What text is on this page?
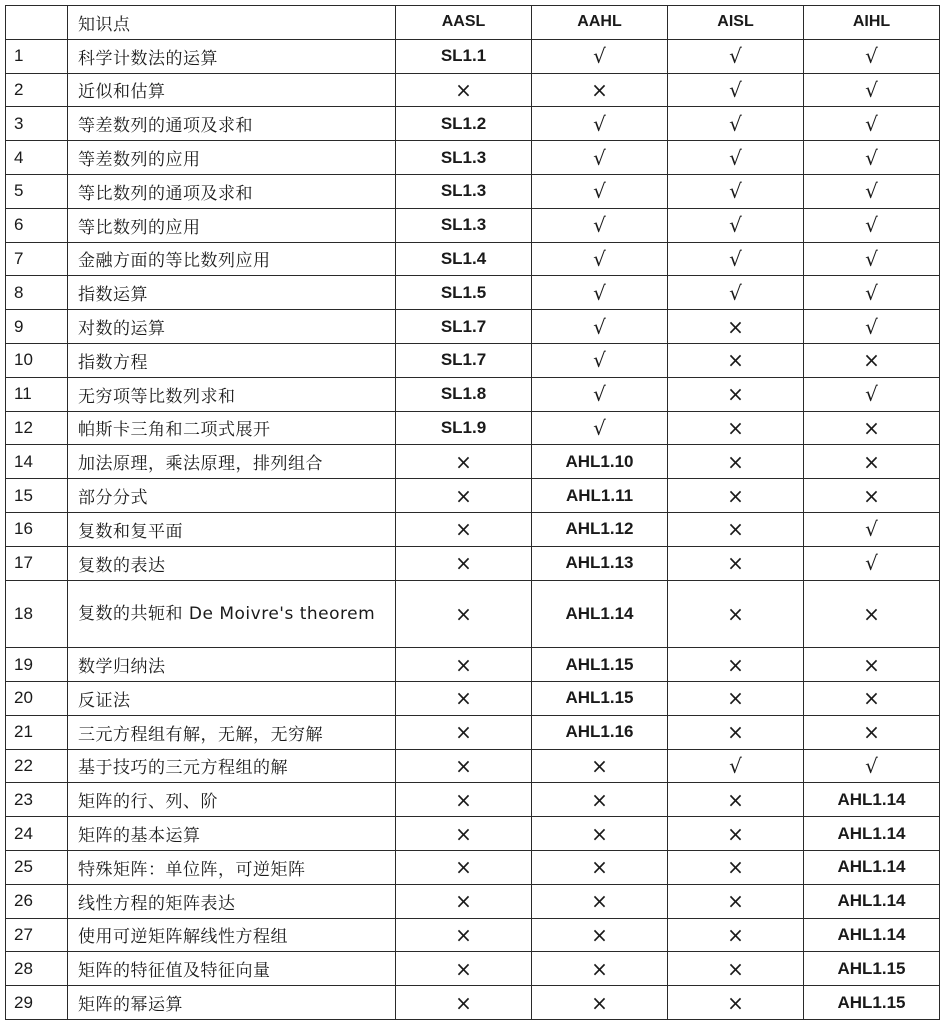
	知识点	AASL	AAHL	AISL	AIHL
1	科学计数法的运算	SL1.1	√	√	√
2	近似和估算	×	×	√	√
3	等差数列的通项及求和	SL1.2	√	√	√
4	等差数列的应用	SL1.3	√	√	√
5	等比数列的通项及求和	SL1.3	√	√	√
6	等比数列的应用	SL1.3	√	√	√
7	金融方面的等比数列应用	SL1.4	√	√	√
8	指数运算	SL1.5	√	√	√
9	对数的运算	SL1.7	√	×	√
10	指数方程	SL1.7	√	×	×
11	无穷项等比数列求和	SL1.8	√	×	√
12	帕斯卡三角和二项式展开	SL1.9	√	×	×
14	加法原理，乘法原理，排列组合	×	AHL1.10	×	×
15	部分分式	×	AHL1.11	×	×
16	复数和复平面	×	AHL1.12	×	√
17	复数的表达	×	AHL1.13	×	√
18	复数的共轭和 De Moivre's theorem	×	AHL1.14	×	×
19	数学归纳法	×	AHL1.15	×	×
20	反证法	×	AHL1.15	×	×
21	三元方程组有解，无解，无穷解	×	AHL1.16	×	×
22	基于技巧的三元方程组的解	×	×	√	√
23	矩阵的行、列、阶	×	×	×	AHL1.14
24	矩阵的基本运算	×	×	×	AHL1.14
25	特殊矩阵：单位阵，可逆矩阵	×	×	×	AHL1.14
26	线性方程的矩阵表达	×	×	×	AHL1.14
27	使用可逆矩阵解线性方程组	×	×	×	AHL1.14
28	矩阵的特征值及特征向量	×	×	×	AHL1.15
29	矩阵的幂运算	×	×	×	AHL1.15
